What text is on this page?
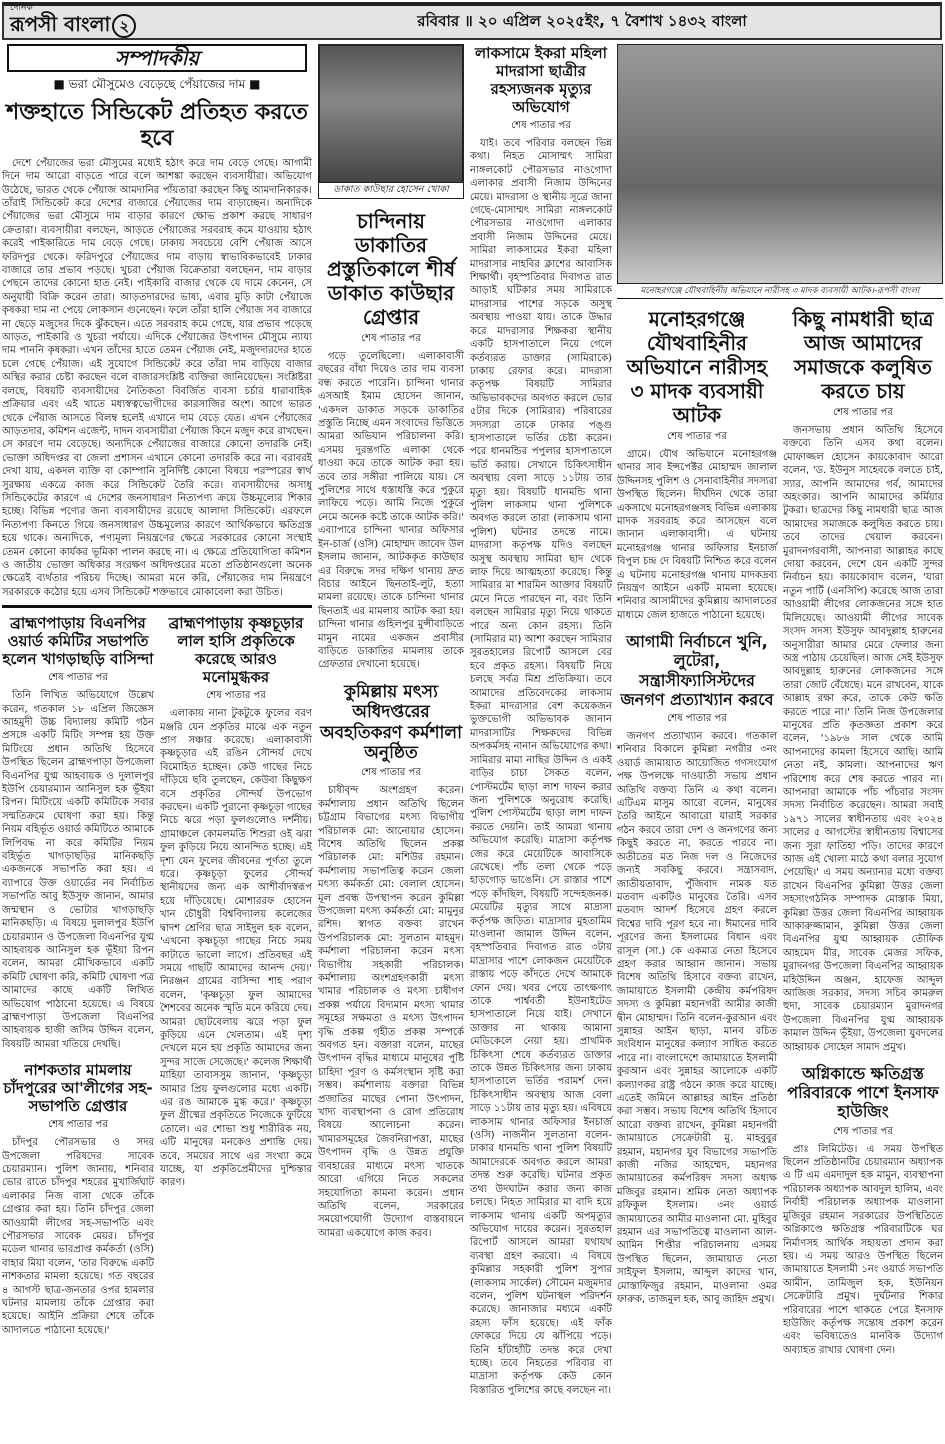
দৈনিক
রূপসী বাংলা ২	রবিবার ॥ ২০ এপ্রিল ২০২৫ইং, ৭ বৈশাখ ১৪৩২ বাংলা
সম্পাদকীয়
■ ভরা মৌসুমেও বেড়েছে পেঁয়াজের দাম ■
শক্তহাতে সিন্ডিকেট প্রতিহত করতে হবে

দেশে পেঁয়াজের ভরা মৌসুমের মধ্যেই হঠাৎ করে দাম বেড়ে গেছে। আগামী দিনে দাম আরো বাড়তে পারে বলে আশঙ্কা করছেন ব্যবসায়ীরা। অভিযোগ উঠেছে, ভারত থেকে পেঁয়াজ আমদানির পাঁয়তারা করছেন কিছু আমদানিকারক। তাঁরাই সিন্ডিকেট করে দেশের বাজারে পেঁয়াজের দাম বাড়াচ্ছেন। অন্যদিকে পেঁয়াজের ভরা মৌসুমে দাম বাড়ার কারণে ক্ষোভ প্রকাশ করছে সাধারণ ক্রেতারা। ব্যবসায়ীরা বলছেন, আড়তে পেঁয়াজের সরবরাহ কমে যাওয়ায় হঠাৎ করেই পাইকারিতে দাম বেড়ে গেছে। ঢাকায় সবচেয়ে বেশি পেঁয়াজ আসে ফরিদপুর থেকে। ফরিদপুরে পেঁয়াজের দাম বাড়ায় স্বাভাবিকভাবেই ঢাকার বাজারে তার প্রভাব পড়ছে। খুচরা পেঁয়াজ বিক্রেতারা বলছেনন, দাম বাড়ার পেছনে তাদের কোনো হাত নেই। পাইকারি বাজার থেকে যে দামে কেনেন, সে অনুযায়ী বিক্রি করেন তারা। আড়তদারদের ভাষ্য, এবার মুড়ি কাটা পেঁয়াজে কৃষকরা দাম না পেয়ে লোকসান গুনেছেন। ফলে তাঁরা হালি পেঁয়াজ সব বাজারে না ছেড়ে মজুদের দিকে ঝুঁকছেন। এতে সরবরাহ কমে গেছে, যার প্রভাব পড়েছে আড়ত, পাইকারি ও খুচরা পর্যায়ে। এদিকে পেঁয়াজের উৎপাদন মৌসুমে ন্যায্য দাম পাননি কৃষকরা। এখন তাঁদের হাতে তেমন পেঁয়াজ নেই, মজুদদারদের হাতে চলে গেছে পেঁয়াজ। এই সুযোগে সিন্ডিকেট করে তাঁরা দাম বাড়িয়ে বাজার অস্থির করার চেষ্টা করছেন বলে বাজারসংশ্লিষ্ট ব্যক্তিরা জানিয়েছেন। সংশ্লিষ্টরা বলছে, বিষয়টি ব্যবসায়ীদের নৈতিকতা বিবর্জিত ব্যবসা চর্চার ধারাবাহিক প্রক্রিয়ার এবং এই খাতে মধ্যস্বত্বভোগীদের কারসাজির অংশ। আগে ভারত থেকে পেঁয়াজ আসতে বিলম্ব হলেই এখানে দাম বেড়ে যেত। এখন পেঁয়াজের আড়তদার, কমিশন এজেন্ট, দাদন ব্যবসায়ীরা পেঁয়াজ কিনে মজুদ করে রাখছেন। সে কারণে দাম বেড়েছে। অন্যদিকে পেঁয়াজের বাজারে কোনো তদারকি নেই। ভোক্তা অধিদপ্তর বা জেলা প্রশাসন এখানে কোনো তদারকি করে না। বরাবরই দেখা যায়, একদল ব্যক্তি বা কোম্পানি সুনির্দিষ্ট কোনো বিষয়ে পরস্পরের স্বার্থ সুরক্ষায় একত্রে কাজ করে সিন্ডিকেট তৈরি করে। ব্যবসায়ীদের অসাধু সিন্ডিকেটের কারণে এ দেশের জনসাধারণ নিত্যপণ্য ক্রয়ে উচ্চমূল্যের শিকার হচ্ছে। বিভিন্ন পণ্যের জন্য ব্যবসায়ীদের রয়েছে আলাদা সিন্ডিকেট। এরফলে নিত্যপণ্য কিনতে গিয়ে জনসাধারণ উচ্চমূল্যের কারণে আর্থিকভাবে ক্ষতিগ্রস্ত হয়ে থাকে। অন্যদিকে, পণ্যমূল্য নিয়ন্ত্রণের ক্ষেত্রে সরকারের কোনো সংস্থাই তেমন কোনো কার্যকর ভূমিকা পালন করছে না। এ ক্ষেত্রে প্রতিযোগিতা কমিশন ও জাতীয় ভোক্তা অধিকার সংরক্ষণ অধিদপ্তরের মতো প্রতিষ্ঠানগুলো অনেক ক্ষেত্রেই ব্যর্থতার পরিচয় দিচ্ছে। আমরা মনে করি, পেঁয়াজের দাম নিয়ন্ত্রণে সরকারকে কঠোর হয়ে এসব সিন্ডিকেট শক্তভাবে মোকাবেলা করা উচিত।

ব্রাহ্মণপাড়ায় বিএনপির ওয়ার্ড কমিটির সভাপতি হলেন খাগড়াছড়ি বাসিন্দা
শেষ পাতার পর

তিনি লিখিত অভিযোগে উল্লেখ করেন, গতকাল ১৮ এপ্রিল জিজ্ঞেস আহমুদী উচ্চ বিদ্যালয় কমিটি গঠন প্রসঙ্গে একটি মিটিং সম্পন্ন হয় উক্ত মিটিংয়ে প্রধান অতিথি হিসেবে উপস্থিত ছিলেন ব্রাহ্মণপাড়া উপজেলা বিএনপির যুগ্ম আহবায়ক ও দুলালপুর ইউপি চেয়ারম্যান আনিসুল হক ভূঁইয়া রিপন। মিটিংয়ে একটি কমিটিকে সবার সম্মতিক্রমে ঘোষণা করা হয়। কিন্তু নিয়ম বহির্ভূত ওয়ার্ড কমিটিতে আমাকে লিপিবদ্ধ না করে কমিটির নিয়ম বহির্ভূত খাগড়াছড়ির মানিকছড়ি একজনকে সভাপতি করা হয়। এ ব্যাপারে উক্ত ওয়ার্ডের নব নির্বাচিত সভাপতি আবু ইউসুফ জানান, আমার জন্মস্থান ও ভোটার খাগড়াছড়ি মানিকছড়ি। এ বিষয়ে দুলালপুর ইউপি চেয়ারম্যান ও উপজেলা বিএনপির যুগ্ম আহবায়ক আনিসুল হক ভূঁইয়া রিপন বলেন, আমরা মৌখিকভাবে একটি কমিটি ঘোষণা করি, কমিটি ঘোষণা পত্র আমাদের কাছে একটি লিখিত অভিযোগ পাঠানো হয়েছে। এ বিষয়ে ব্রাহ্মণপাড়া উপজেলা বিএনপির আহবায়ক হাজী জসিম উদ্দিন বলেন, বিষয়টি আমরা খতিয়ে দেখছি।

নাশকতার মামলায় চাঁদপুরের আ'লীগের সহ-সভাপতি গ্রেপ্তার
শেষ পাতার পর

চাঁদপুর পৌরসভার ও সদর উপজেলা পরিষদের সাবেক চেয়ারম্যান। পুলিশ জানায়, শনিবার ভোর রাতে চাঁদপুর শহরের মুখার্জিঘাট এলাকার নিজ বাসা থেকে তাঁকে গ্রেপ্তার করা হয়। তিনি চাঁদপুর জেলা আওয়ামী লীগের সহ-সভাপতি এবং পৌরসভার সাবেক মেয়র। চাঁদপুর মডেল থানার ভারপ্রাপ্ত কর্মকর্তা (ওসি) বাহার মিয়া বলেন, 'তার বিরুদ্ধে একটি নাশকতার মামলা হয়েছে। গত বছরের ৪ আগস্ট ছাত্র-জনতার ওপর হামলার ঘটনার মামলায় তাঁকে গ্রেপ্তার করা হয়েছে। আইনি প্রক্রিয়া শেষে তাঁকে আদালতে পাঠানো হয়েছে।'

ব্রাহ্মণপাড়ায় কৃষ্ণচূড়ার লাল হাসি প্রকৃতিকে করেছে আরও মনোমুগ্ধকর
শেষ পাতার পর

এলাকায় নানা টুকটুকে ফুলের বরণ মঞ্জরি যেন প্রকৃতির মাঝে এক নতুন প্রাণ সঞ্চার করেছে। এলাকাবাসী কৃষ্ণচূড়ার এই রঙিন সৌন্দর্য দেখে বিমোহিত হচ্ছেন। কেউ গাছের নিচে দাঁড়িয়ে ছবি তুলছেন, কেউবা কিছুক্ষণ বসে প্রকৃতির সৌন্দর্য উপভোগ করছেন। একটি পুরানো কৃষ্ণচূড়া গাছের নিচে ঝরে পড়া ফুলগুলোও দর্শনীয়। গ্রামাঞ্চলে কোমলমতি শিশুরা ওই ঝরা ফুল কুড়িয়ে নিয়ে আনন্দিত হচ্ছে। এই দৃশ্য যেন ফুলের জীবনের পূর্ণতা তুলে ধরে। কৃষ্ণচূড়া ফুলের সৌন্দর্য স্থানীয়দের জন্য এক আশীর্বাদস্বরূপ হয়ে দাঁড়িয়েছে। মোশাররফ হোসেন খান চৌধুরী বিশ্ববিদ্যালয় কলেজের দ্বাদশ শ্রেণির ছাত্র সাইদুল হক বলেন, 'এখনো কৃষ্ণচূড়া গাছের নিচে সময় কাটাতে ভালো লাগে। প্রতিবছর এই সময়ে গাছটি আমাদের আনন্দ দেয়।' নিরঞ্জন গ্রামের বাসিন্দা শাহ পরাণ বলেন, 'কৃষ্ণচূড়া ফুল আমাদের শৈশবের অনেক স্মৃতি মনে করিয়ে দেয়। আমরা ছোটবেলায় ঝরে পড়া ফুল কুড়িয়ে এনে খেলতাম। এই দৃশ্য দেখলে মনে হয় প্রকৃতি আমাদের জন্য সুন্দর সাজে সেজেছে।' কলেজ শিক্ষার্থী মাহিয়া তাবাসসুম জানান, 'কৃষ্ণচূড়া আমার প্রিয় ফুলগুলোর মধ্যে একটি। এর রঙ আমাকে মুগ্ধ করে।' কৃষ্ণচূড়া ফুল গ্রীষ্মের প্রকৃতিতে নিজেকে ফুটিয়ে তোলে। এর শোভা শুধু শারীরিক নয়, এটি মানুষের মনকেও প্রশান্তি দেয়। তবে, সময়ের সাথে এর সংখ্যা কমে যাচ্ছে, যা প্রকৃতিপ্রেমীদের দুশ্চিন্তার কারণ।

ডাকাত কাউছার হোসেন খোকা
চান্দিনায় ডাকাতির প্রস্তুতিকালে শীর্ষ ডাকাত কাউছার গ্রেপ্তার
শেষ পাতার পর

গড়ে তুলেছিলো। এলাকাবাসী বছরের বাঁধা দিয়েও তার দাম ব্যবসা বন্ধ করতে পারেনি। চান্দিনা থানার এসআই ইমাম হোসেন জানান, 'একদল ডাকাত সড়কে ডাকাতির প্রস্তুতি নিচ্ছে এমন সংবাদের ভিত্তিতে আমরা অভিযান পরিচালনা করি। এসময় দুরন্তগতি এলাকা থেকে ধাওয়া করে তাকে আটক করা হয়। তবে তার সঙ্গীরা পালিয়ে যায়। সে পুলিশের সাথে ধস্তাধস্তি করে পুকুরে লাফিয়ে পড়ে। আমি নিজে পুকুরে নেমে অনেক কষ্টে তাকে আটক করি।' এব্যাপারে চান্দিনা থানার অফিসার ইন-চার্জ (ওসি) মোহাম্মদ জাবেদ উল ইসলাম জানান, আটককৃত কাউছার এর বিরুদ্ধে সদর দক্ষিণ থানায় দ্রুত বিচার আইনে ছিনতাই-লুট, হত্যা মামলা রয়েছে। তাকে চান্দিনা থানার ছিনতাই এর মামলায় আটক করা হয়। চান্দিনা থানার গুহিলপুর মুন্সীবাড়িতে মামুন নামের একজন প্রবাসীর বাড়িতে ডাকাতির মামলায় তাকে গ্রেফতার দেখানো হয়েছে।

কুমিল্লায় মৎস্য অধিদপ্তরের অবহতিকরণ কর্মশালা অনুষ্ঠিত
শেষ পাতার পর

চাষীবৃন্দ অংশগ্রহণ করেন। কর্মশালায় প্রধান অতিথি ছিলেন চট্টগ্রাম বিভাগের মৎস্য বিভাগীয় পরিচালক মো: আনোয়ার হোসেন। বিশেষ অতিথি ছিলেন প্রকল্প পরিচালক মো: মশিউর রহমান। কর্মশালায় সভাপতিত্ব করেন জেলা মৎস্য কর্মকর্তা মো: বেলাল হোসেন। মূল প্রবন্ধ উপস্থাপন করেন কুমিল্লা উপজেলা মৎস্য কর্মকর্তা মো: মামুনুর রশিদ। স্বাগত বক্তব্য রাখেন উপপরিচালক মো: সুলতান মাহমুদ। কর্মশালা পরিচালনা করেন মৎস্য বিভাগীয় সহকারী পরিচালক। কর্মশালায় অংশগ্রহণকারী মৎস্য খামার পরিচালক ও মৎস্য চাষীগণ প্রকল্প পর্যায়ে বিদ্যমান মৎস্য খামার সমূহের সক্ষমতা ও মৎস্য উৎপাদন বৃদ্ধি প্রকল্প গৃহীত প্রকল্প সম্পর্কে অবগত হন। বক্তারা বলেন, মাছের উৎপাদন বৃদ্ধির মাধ্যমে মানুষের পুষ্টি চাহিদা পূরণ ও কর্মসংস্থান সৃষ্টি করা সম্ভব। কর্মশালায় বক্তারা বিভিন্ন প্রজাতির মাছের পোনা উৎপাদন, খাদ্য ব্যবস্থাপনা ও রোগ প্রতিরোধ বিষয়ে আলোচনা করেন। খামারসমূহের জৈবনিরাপত্তা, মাছের উৎপাদন বৃদ্ধি ও উন্নত প্রযুক্তি ব্যবহারের মাধ্যমে মৎস্য খাতকে আরো এগিয়ে নিতে সকলের সহযোগিতা কামনা করেন। প্রধান অতিথি বলেন, সরকারের সময়োপযোগী উদ্যোগ বাস্তবায়নে আমরা একযোগে কাজ করব।

লাকসামে ইকরা মহিলা মাদরাসা ছাত্রীর রহস্যজনক মৃত্যুর অভিযোগ
শেষ পাতার পর

যাই। তবে পরিবার বলছেন ভিন্ন কথা। নিহত মোসাম্মৎ সামিরা নাঙ্গলকোট পৌরসভার নাওগোদা এলাকার প্রবাসী নিজাম উদ্দিনের মেয়ে। মাদরাসা ও স্থানীয় সূত্রে জানা গেছে-মোসাম্মৎ সামিরা নাঙ্গলকোট পৌরসভার নাওগোদা এলাকার প্রবাসী নিজাম উদ্দিনের মেয়ে। সামিরা লাকসামের ইকরা মহিলা মাদরাসার নাহবির ক্লাশের আবাসিক শিক্ষার্থী। বৃহস্পতিবার দিবাগত রাত আড়াই ঘটিকার সময় সামিরাকে মাদরাসার পাশের সড়কে অসুস্থ অবস্থায় পাওয়া যায়। তাকে উদ্ধার করে মাদরাসার শিক্ষকরা স্থানীয় একটি হাসপাতালে নিয়ে গেলে কর্তব্যরত ডাক্তার (সামিরাকে) ঢাকায় রেফার করে। মাদরাসা কতৃপক্ষ বিষয়টি সামিরার অভিভাবকদের অবগত করলে ভোর ৫টার দিকে (সামিরার) পরিবারের সদস্যরা তাকে ঢাকার পঙ্গু হাসপাতালে ভর্তির চেষ্টা করেন। পরে ধানমন্ডির পপুলার হাসপাতালে ভর্তি করায়। সেখানে চিকিৎসাধীন অবস্থায় বেলা সাড়ে ১১টায় তার মৃত্যু হয়। বিষয়টি ধানমন্ডি থানা পুলিশ লাকসাম থানা পুলিশকে অবগত করলে তারা (লাকসাম থানা পুলিশ) ঘটনার তদন্তে নামে। মাদরাসা কতৃপক্ষ যদিও বলছেন অসুস্থ অবস্থায় সামিরা ছাদ থেকে লাফ দিয়ে আত্মহত্যা করেছে। কিন্তু সামিরার মা শারমিন আক্তার বিষয়টি মেনে নিতে পারছেন না, বরং তিনি বলছেন সামিরার মৃত্যু নিয়ে থাকতে পারে অন্য কোন রহস্য। তিনি (সামিরার মা) আশা করছেন সামিরার সুরতহালের রিপোর্ট আসলে বের হবে প্রকৃত রহস্য। বিষয়টি নিয়ে চলছে সর্বত্র মিশ্র প্রতিক্রিয়া। তবে আমাদের প্রতিবেদকের লাকসাম ইকরা মাদরাসার বেশ কয়েকজন ভুক্তভোগী অভিভাবক জানান মাদরাসাটির শিক্ষকদের বিভিন্ন অপকর্মসহ নানান অভিযোগের কথা। সামিরার মামা নাছির উদ্দিন ও একই বাড়ির চাচা সৈকত বলেন, পোস্টমর্টেম ছাড়া লাশ দাফন করার জন্য পুলিশকে অনুরোধ করেছি। পুলিশ পোস্টমর্টেম ছাড়া লাশ দাফন করতে দেয়নি। তাই আমরা থানায় অভিযোগ করেছি। মাদ্রাসা কর্তৃপক্ষ জের করে মেয়েটিকে আবাসিকে রেখেছে। পাঁচ তলা থেকে পড়ে হাড়গোড় ভাঙেনি। সে রাস্তার পাশে পড়ে কাঁদছিল, বিষয়টি সন্দেহজনক। মেয়েটির মৃত্যুর সাথে মাদ্রাসা কর্তৃপক্ষ জড়িত। মাদ্রাসার মুহতামিম মাওলানা জামাল উদ্দিন বলেন, বৃহস্পতিবার দিবাগত রাত ৩টায় মাদ্রাসার পাশে লোকজন মেয়েটিকে রাস্তায় পড়ে কাঁদতে দেখে আমাকে ফোন দেয়। খবর পেয়ে তাৎক্ষণাৎ তাকে পার্শ্ববর্তী ইউনাইটেড হাসপাতালে নিয়ে যাই। সেখানে ডাক্তার না থাকায় আমানা মেডিকেলে নেয়া হয়। প্রাথমিক চিকিৎসা শেষে কর্তব্যরত ডাক্তার তাকে উন্নত চিকিৎসার জন্য ঢাকায় হাসপাতালে ভর্তির পরামর্শ দেন। চিকিৎসাধীন অবস্থায় আজ বেলা সাড়ে ১১টায় তার মৃত্যু হয়। এবিষয়ে লাকসাম থানার অফিসার ইনচার্জ (ওসি) নাজনীন সুলতানা বলেন- ঢাকার ধানমন্ডি থানা পুলিশ বিষয়টি আমাদেরকে অবগত করলে আমরা তদন্ত শুরু করেছি। ঘটনার প্রকৃত তথ্য উদঘাটন করার জন্য কাজ চলছে। নিহত সামিরার মা বাদি হয়ে লাকসাম থানায় একটি অপমৃত্যুর অভিযোগ দায়ের করেন। সুরতহাল রিপোর্ট আসলে আমরা যথাযথ ব্যবস্থা গ্রহণ করবো। এ বিষয়ে কুমিল্লার সহকারী পুলিশ সুপার (লাকসাম সার্কেল) সৌমেন মজুমদার বলেন, পুলিশ ঘটনাস্থল পরিদর্শন করেছে। জানাজার মধ্যমে একটি রহস্য ফাঁস হয়েছে। এই ফাঁক ফোকরে দিয়ে যে ঝাঁপিয়ে পড়ে। তিনি হাঁটাহাঁটি তদন্ত করে দেখা হচ্ছে। তবে নিহতের পরিবার বা মাদ্রাসা কর্তৃপক্ষ কেউ কোন বিস্তারিত পুলিশের কাছে বলছেন না।

মনোহরগঞ্জে যৌথবাহিনীর অভিযানে নারীসহ ৩ মাদক ব্যবসায়ী আটক।-রূপসী বাংলা
মনোহরগঞ্জে যৌথবাহিনীর অভিযানে নারীসহ ৩ মাদক ব্যবসায়ী আটক
শেষ পাতার পর

গ্রামে। যৌথ অভিযানে মনোহরগঞ্জ থানার সাব ইন্সপেক্টর মোহাম্মদ জালাল উদ্দিনসহ পুলিশ ও সেনাবাহিনীর সদস্যরা উপস্থিত ছিলেন। দীর্ঘদিন থেকে তারা একসাথে মনোহরগঞ্জসহ বিভিন্ন এলাকায় মাদক সরবরাহ করে আসছেন বলে জানান এলাকাবাসী। এ ঘটনায় মনোহরগঞ্জ থানার অফিসার ইনচার্জ বিপুল চন্দ্র দে বিষয়টি নিশ্চিত করে বলেন এ ঘটনায় মনোহরগঞ্জ থানায় মাদকদ্রব্য নিয়ন্ত্রণ আইনে একটি মামলা হয়েছে। শনিবার আসামীদের কুমিল্লায় আদালতের মাধ্যমে জেল হাজতে পাঠানো হয়েছে।

আগামী নির্বাচনে খুনি, লুটেরা, সন্ত্রাসীফ্যাসিস্টদের জনগণ প্রত্যাখ্যান করবে
শেষ পাতার পর

জনগণ প্রত্যাখ্যান করবে। গতকাল শনিবার বিকালে কুমিল্লা নগরীর ৩নং ওয়ার্ড জামায়াত আয়োজিত গণসংযোগ পক্ষ উপলক্ষে দাওয়াতী সভায় প্রধান অতিথি বক্তব্য তিনি এ কথা বলেন। এটিএম মাসুম আরো বলেন, মানুষের তৈরি আইনে আবারো যারাই সরকার গঠন করবে তারা দেশ ও জনগণের জন্য কিছুই করতে না, করতে পারবে না। অতীতের মত নিজ দল ও নিজেদের জন্যই সবকিছু করবে। সন্ত্রাসবাদ, জাতীয়তাবাদ, পুঁজিবাদ নামক যত মতবাদ একটিও মানুষের তৈরি। এসব মতবাদ আদর্শ হিসেবে গ্রহণ করলে বিশ্বের দাবি পূরণ হবে না। ঈমানের দাবি পূরণের জন্য ইসলামের বিধান এবং রাসূল (সা.) কে একমাত্র নেতা হিসেবে গ্রহণ করার আহ্বান জানান। সভায় বিশেষ অতিথি হিসাবে বক্তব্য রাখেন, জামায়াতে ইসলামী কেন্দ্রীয় কর্মপরিষদ সদস্য ও কুমিল্লা মহানগরী আমীর কাজী দ্বীন মোহাম্মদ। তিনি বলেন-কুরআন এবং সুন্নাহর আইন ছাড়া, মানব রচিত সংবিধান মানুষের কল্যাণ সাধিত করতে পারে না। বাংলাদেশে জামায়াতে ইসলামী কুরআন এবং সুন্নাহর আলোকে একটি কল্যাণকর রাষ্ট্র গঠনে কাজ করে যাচ্ছে। এতেই জমিনে আল্লাহর আইন প্রতিষ্ঠা করা সম্ভব। সভায় বিশেষ অতিথি হিসাবে আরো বক্তব্য রাখেন, কুমিল্লা মহানগরী জামায়াতে সেক্রেটারী মু. মাহবুবুর রহমান, মহানগর যুব বিভাগের সভাপতি কাজী নজির আহম্মেদ, মহানগর জামায়াতের কর্মপরিষদ সদস্য অধ্যক্ষ মজিবুর রহমান। শ্রমিক নেতা অধ্যাপক রফিকুল ইসলাম। ৩নং ওয়ার্ড জামায়াতের আমীর মাওলানা মো. মুহিবুর রহমান এর সভাপতিত্বে মাওলানা আল-আমিন শিপ্তীর পরিচালনায় এসময় উপস্থিত ছিলেন, জামায়াত নেতা সাইফুল ইসলাম, আব্দুল কাদের খান, মোস্তাফিজুর রহমান, মাওলানা ওমর ফারুক, তাজমুল হক, আবু জাহিদ প্রমুখ।

কিছু নামধারী ছাত্র আজ আমাদের সমাজকে কলুষিত করতে চায়
শেষ পাতার পর

জনসভায় প্রধান অতিথি হিসেবে বক্তব্যে তিনি এসব কথা বলেন। মোফাজ্জল হোসেন কায়কোবাদ আরো বলেন, 'ড. ইউনুস সাহেবকে বলতে চাই, স্যার, আপনি আমাদের গর্ব, আমাদের অহংকার। আপনি আমাদের কর্মিয়ার টুকরা। ছাত্রদের কিছু নামধারী ছাত্র আজ আমাদের সমাজকে কলুষিত করতে চায়। তবে তাদের খেয়াল করবেন। মুরাদনগরবাসী, আপনারা আল্লাহর কাছে দোয়া করবেন, দেশে যেন একটি সুন্দর নির্বাচন হয়। কায়কোবাদ বলেন, 'যারা নতুন পার্টি (এনসিপি) করেছে আজ তারা আওয়ামী লীগের লোকজনের সঙ্গে হাত মিলিয়েছে। আওয়ামী লীগের সাবেক সংসদ সদস্য ইউসুফ আবদুল্লাহ হারুনের অনুসারীরা আমার মেরে ফেলার জন্য অস্ত্র পাঠায় চেয়েছিল। আজ সেই ইউসুফ আবদুল্লাহ হারুনের লোকজনের সঙ্গে তারা জোট বেঁধেছে। মনে রাখবেন, যাকে আল্লাহ রক্ষা করে, তাকে কেউ ক্ষতি করতে পারে না।' তিনি নিজ উপজেলার মানুষের প্রতি কৃতজ্ঞতা প্রকাশ করে বলেন, '১৯৮৬ সাল থেকে আমি আপনাদের কামলা হিসেবে আছি। আমি নেতা নই, কামলা। আপনাদের ঋণ পরিশোধ করে শেষ করতে পারব না। আপনারা আমাকে পাঁচ পাঁচবার সংসদ সদস্য নির্বাচিত করেছেন। আমরা সবাই ১৯৭১ সালের স্বাধীনতায় এবং ২০২৪ সালের ৫ আগস্টের স্বাধীনতায় বিশ্বাসের জন্য সুরা ফাতিহা পড়ি। তাদের কারণে আজ এই খোলা মাঠে কথা বলার সুযোগ পেয়েছি।' এ সময় অন্যান্যর মধ্যে বক্তব্য রাখেন বিএনপির কুমিল্লা উত্তর জেলা সহসাংগঠনিক সম্পাদক মোস্তাক মিয়া, কুমিল্লা উত্তর জেলা বিএনপির আহ্বায়ক আকারুজ্জামান, কুমিল্লা উত্তর জেলা বিএনপির যুগ্ম আহ্বায়ক তৌফিক আহমেদ মীর, সাবেক মেজর সফিক, মুরাদনগর উপজেলা বিএনপির আহ্বায়ক মহিউদ্দিন অঞ্জন, হাফেজ আব্দুল আজিজ সরকার, সদস্য সচিব কামরুল হুদা, সাবেক চেয়ারম্যান মুরাদনগর উপজেলা বিএনপির যুগ্ম আহ্বায়ক কামাল উদ্দিন ভূঁইয়া, উপজেলা যুবদলের আহ্বায়ক সোহেল সামাদ প্রমুখ।

অগ্নিকান্ডে ক্ষতিগ্রস্ত পরিবারকে পাশে ইনসাফ হাউজিং
শেষ পাতার পর

প্রাঃ লিমিটেড। এ সময় উপস্থিত ছিলেন প্রতিষ্ঠানটির চেয়ারম্যান অধ্যাপক এ টি এম এমদাদুল হক মামুন, ব্যবস্থাপনা পরিচালক অধ্যাপক আবদুল হালিম, এবং নির্বাহী পরিচালক অধ্যাপক মাওলানা মুজিবুর রহমান সরকারের উপস্থিতিতে অগ্নিকাণ্ডে ক্ষতিগ্রস্ত পরিবারটিকে ঘর নির্মাণসহ আর্থিক সহায়তা প্রদান করা হয়। এ সময় আরও উপস্থিত ছিলেন জামায়াতে ইসলামী ১নং ওয়ার্ড সভাপতি আমীন, তামিজুল হক, ইউনিয়ন সেক্রেটারি প্রমুখ। দুর্ঘটনার শিকার পরিবারের পাশে থাকতে পেরে ইনসাফ হাউজিং কর্তৃপক্ষ সন্তোষ প্রকাশ করেন এবং ভবিষ্যতেও মানবিক উদ্যোগ অব্যাহত রাখার ঘোষণা দেন।
